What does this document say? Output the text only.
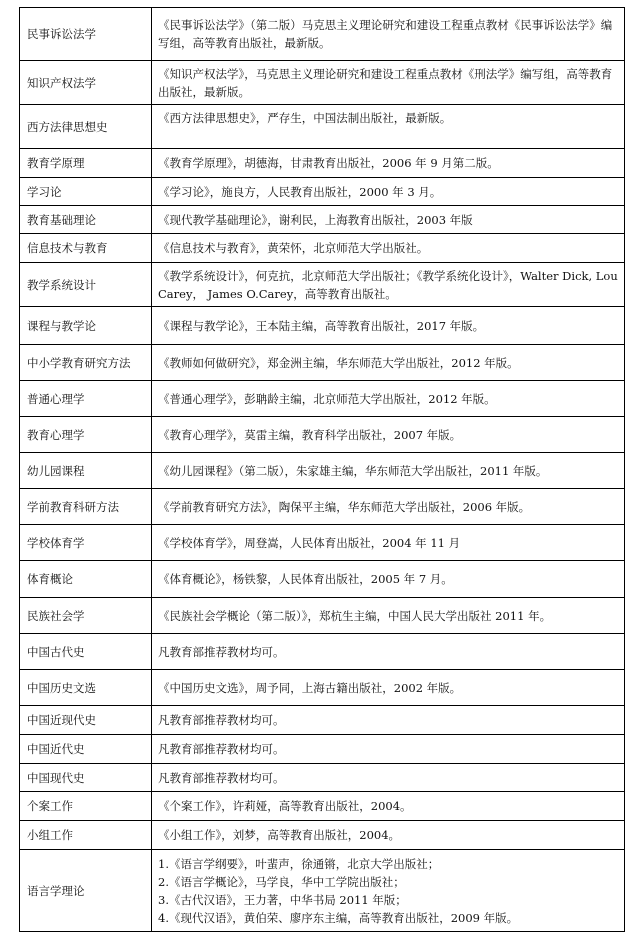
民事诉讼法学	《民事诉讼法学》（第二版）马克思主义理论研究和建设工程重点教材《民事诉讼法学》编写组，高等教育出版社，最新版。
知识产权法学	《知识产权法学》，马克思主义理论研究和建设工程重点教材《刑法学》编写组，高等教育出版社，最新版。
西方法律思想史	《西方法律思想史》，严存生，中国法制出版社，最新版。
教育学原理	《教育学原理》，胡德海，甘肃教育出版社，2006 年 9 月第二版。
学习论	《学习论》，施良方，人民教育出版社，2000 年 3 月。
教育基础理论	《现代教学基础理论》，谢利民，上海教育出版社，2003 年版
信息技术与教育	《信息技术与教育》，黄荣怀，北京师范大学出版社。
教学系统设计	《教学系统设计》，何克抗，北京师范大学出版社；《教学系统化设计》，Walter Dick, Lou Carey， James O.Carey，高等教育出版社。
课程与教学论	《课程与教学论》，王本陆主编，高等教育出版社，2017 年版。
中小学教育研究方法	《教师如何做研究》，郑金洲主编，华东师范大学出版社，2012 年版。
普通心理学	《普通心理学》，彭聃龄主编，北京师范大学出版社，2012 年版。
教育心理学	《教育心理学》，莫雷主编，教育科学出版社，2007 年版。
幼儿园课程	《幼儿园课程》（第二版），朱家雄主编，华东师范大学出版社，2011 年版。
学前教育科研方法	《学前教育研究方法》，陶保平主编，华东师范大学出版社，2006 年版。
学校体育学	《学校体育学》，周登嵩，人民体育出版社，2004 年 11 月
体育概论	《体育概论》，杨铁黎，人民体育出版社，2005 年 7 月。
民族社会学	《民族社会学概论（第二版）》，郑杭生主编，中国人民大学出版社 2011 年。
中国古代史	凡教育部推荐教材均可。
中国历史文选	《中国历史文选》，周予同，上海古籍出版社，2002 年版。
中国近现代史	凡教育部推荐教材均可。
中国近代史	凡教育部推荐教材均可。
中国现代史	凡教育部推荐教材均可。
个案工作	《个案工作》，许莉娅，高等教育出版社，2004。
小组工作	《小组工作》，刘梦，高等教育出版社，2004。
语言学理论	1.《语言学纲要》，叶蜚声，徐通锵，北京大学出版社；
2.《语言学概论》，马学良，华中工学院出版社；
3.《古代汉语》，王力著，中华书局 2011 年版；
4.《现代汉语》，黄伯荣、廖序东主编，高等教育出版社，2009 年版。
